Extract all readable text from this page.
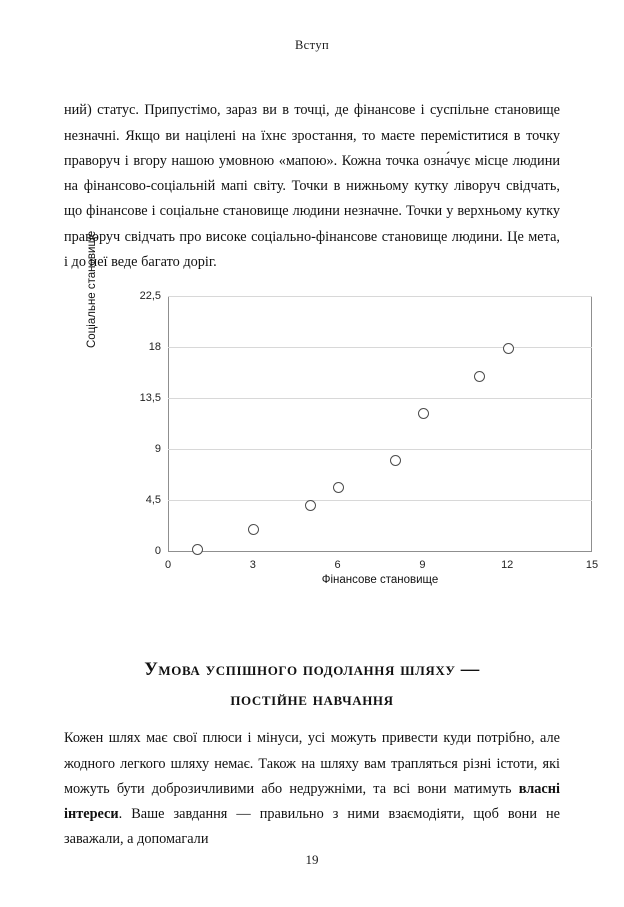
Вступ

ний) статус. Припустімо, зараз ви в точці, де фінансове і суспільне становище незначні. Якщо ви націлені на їхнє зростання, то маєте переміститися в точку праворуч і вгору нашою умовною «мапою». Кожна точка озна́чує місце людини на фінансово-соціальній мапі світу. Точки в нижньому кутку ліворуч свідчать, що фінансове і соціальне становище людини незначне. Точки у верхньому кутку праворуч свідчать про високе соціально-фінансове становище людини. Це мета, і до неї веде багато доріг.

Соціальне становище	22,5
18
13,5
9
4,5
0
0	3	6	9	12	15
Фінансове становище
Умова успішного подолання шляху —
постійне навчання

Кожен шлях має свої плюси і мінуси, усі можуть привести куди потрібно, але жодного легкого шляху немає. Також на шляху вам трапляться різні істоти, які можуть бути доброзичливими або недружніми, та всі вони матимуть власні інтереси. Ваше завдання — правильно з ними взаємодіяти, щоб вони не заважали, а допомагали

19
